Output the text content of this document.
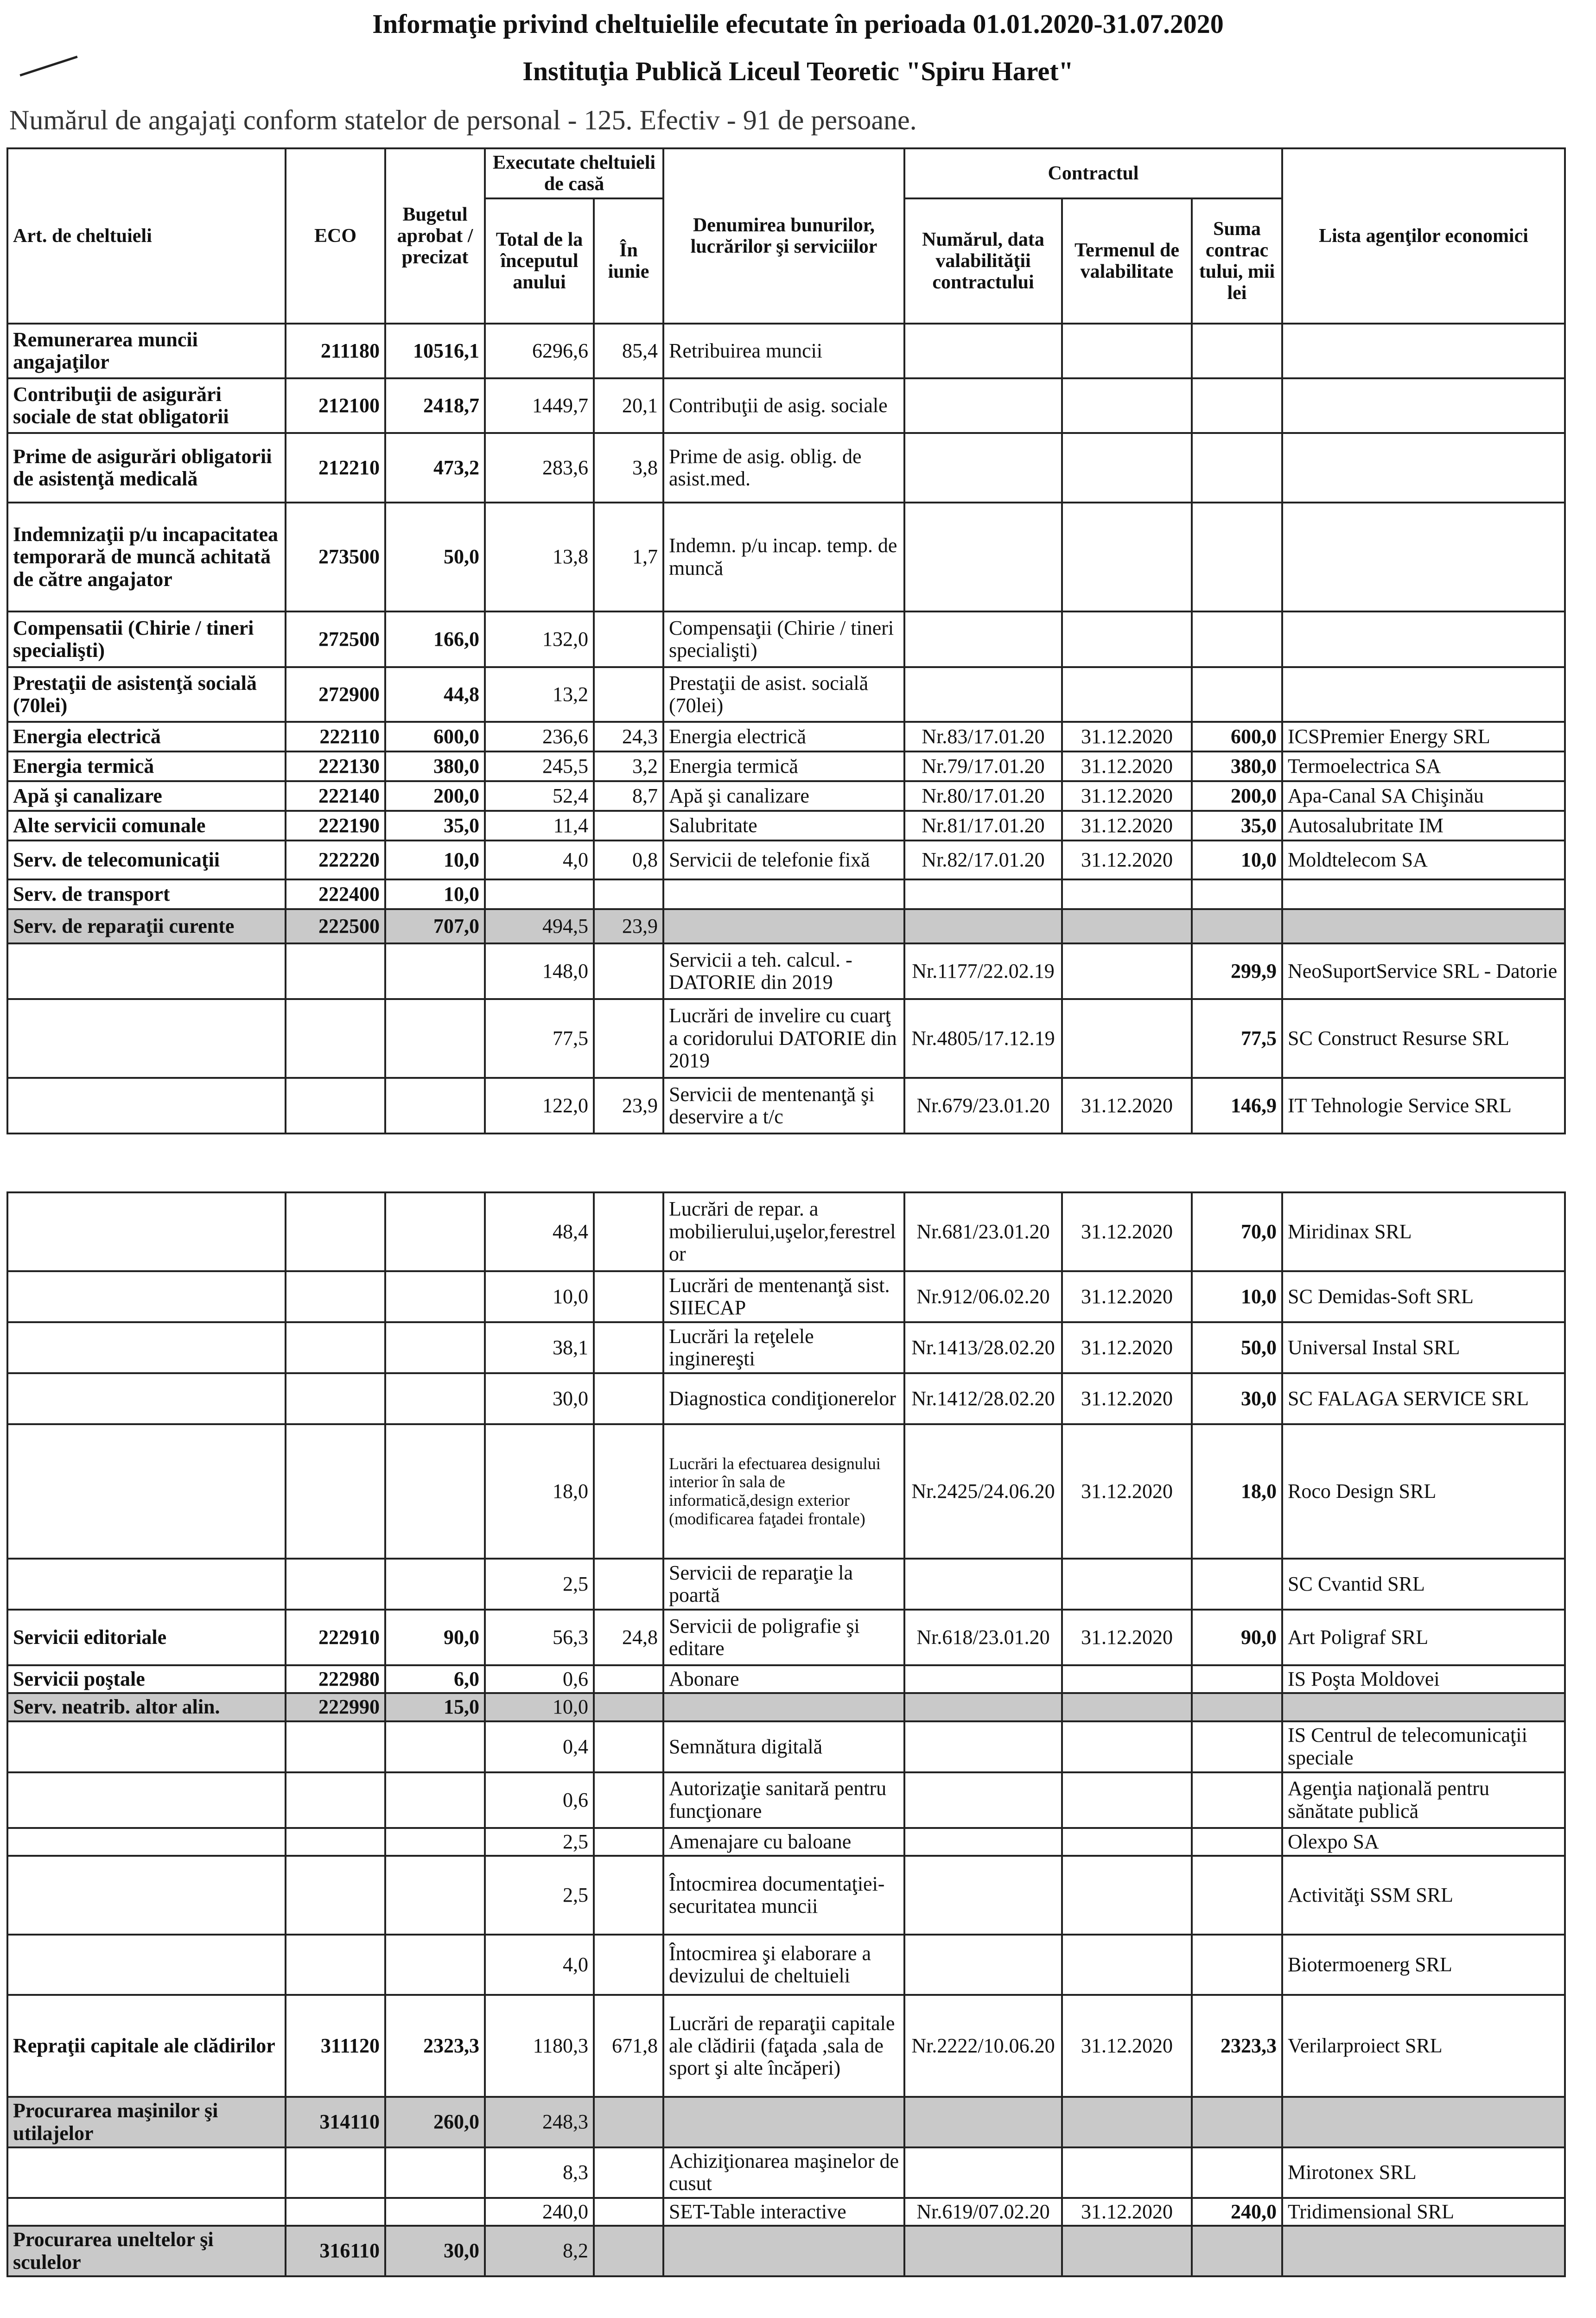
Informaţie privind cheltuielile efecutate în perioada 01.01.2020-31.07.2020
Instituţia Publică Liceul Teoretic "Spiru Haret"
Numărul de angajaţi conform statelor de personal - 125. Efectiv - 91 de persoane.
Art. de cheltuieli	ECO	Bugetul aprobat / precizat	Executate cheltuieli de casă		Denumirea bunurilor, lucrărilor şi serviciilor	Contractul			Lista agenţilor economici
			Total de la începutul anului	În iunie		Numărul, data valabilităţii contractului	Termenul de valabilitate	Suma contrac tului, mii lei	
Remunerarea muncii angajaţilor	211180	10516,1	6296,6	85,4	Retribuirea muncii				
Contribuţii de asigurări sociale de stat obligatorii	212100	2418,7	1449,7	20,1	Contribuţii de asig. sociale				
Prime de asigurări obligatorii de asistenţă medicală	212210	473,2	283,6	3,8	Prime de asig. oblig. de asist.med.				
Indemnizaţii p/u incapacitatea temporară de muncă achitată de către angajator	273500	50,0	13,8	1,7	Indemn. p/u incap. temp. de muncă				
Compensatii (Chirie / tineri specialişti)	272500	166,0	132,0		Compensaţii (Chirie / tineri specialişti)				
Prestaţii de asistenţă socială (70lei)	272900	44,8	13,2		Prestaţii de asist. socială (70lei)				
Energia electrică	222110	600,0	236,6	24,3	Energia electrică	Nr.83/17.01.20	31.12.2020	600,0	ICSPremier Energy SRL
Energia termică	222130	380,0	245,5	3,2	Energia termică	Nr.79/17.01.20	31.12.2020	380,0	Termoelectrica SA
Apă şi canalizare	222140	200,0	52,4	8,7	Apă şi canalizare	Nr.80/17.01.20	31.12.2020	200,0	Apa-Canal SA Chişinău
Alte servicii comunale	222190	35,0	11,4		Salubritate	Nr.81/17.01.20	31.12.2020	35,0	Autosalubritate IM
Serv. de telecomunicaţii	222220	10,0	4,0	0,8	Servicii de telefonie fixă	Nr.82/17.01.20	31.12.2020	10,0	Moldtelecom SA
Serv. de transport	222400	10,0							
Serv. de reparaţii curente	222500	707,0	494,5	23,9					
			148,0		Servicii a teh. calcul. - DATORIE din 2019	Nr.1177/22.02.19		299,9	NeoSuportService SRL - Datorie
			77,5		Lucrări de invelire cu cuarţ a coridorului DATORIE din 2019	Nr.4805/17.12.19		77,5	SC Construct Resurse SRL
			122,0	23,9	Servicii de mentenanţă şi deservire a t/c	Nr.679/23.01.20	31.12.2020	146,9	IT Tehnologie Service SRL
			48,4		Lucrări de repar. a mobilierului,uşelor,ferestrelor	Nr.681/23.01.20	31.12.2020	70,0	Miridinax SRL
			10,0		Lucrări de mentenanţă sist. SIIECAP	Nr.912/06.02.20	31.12.2020	10,0	SC Demidas-Soft SRL
			38,1		Lucrări la reţelele inginereşti	Nr.1413/28.02.20	31.12.2020	50,0	Universal Instal SRL
			30,0		Diagnostica condiţionerelor	Nr.1412/28.02.20	31.12.2020	30,0	SC FALAGA SERVICE SRL
			18,0		Lucrări la efectuarea designului interior în sala de informatică,design exterior (modificarea faţadei frontale)	Nr.2425/24.06.20	31.12.2020	18,0	Roco Design SRL
			2,5		Servicii de reparaţie la poartă				SC Cvantid SRL
Servicii editoriale	222910	90,0	56,3	24,8	Servicii de poligrafie şi editare	Nr.618/23.01.20	31.12.2020	90,0	Art Poligraf SRL
Servicii poştale	222980	6,0	0,6		Abonare				IS Poşta Moldovei
Serv. neatrib. altor alin.	222990	15,0	10,0						
			0,4		Semnătura digitală				IS Centrul de telecomunicaţii speciale
			0,6		Autorizaţie sanitară pentru funcţionare				Agenţia naţională pentru sănătate publică
			2,5		Amenajare cu baloane				Olexpo SA
			2,5		Întocmirea documentaţiei-securitatea muncii				Activităţi SSM SRL
			4,0		Întocmirea şi elaborare a devizului de cheltuieli				Biotermoenerg SRL
Repraţii capitale ale clădirilor	311120	2323,3	1180,3	671,8	Lucrări de reparaţii capitale ale clădirii (faţada ,sala de sport şi alte încăperi)	Nr.2222/10.06.20	31.12.2020	2323,3	Verilarproiect SRL
Procurarea maşinilor şi utilajelor	314110	260,0	248,3						
			8,3		Achiziţionarea maşinelor de cusut				Mirotonex SRL
			240,0		SET-Table interactive	Nr.619/07.02.20	31.12.2020	240,0	Tridimensional SRL
Procurarea uneltelor şi sculelor	316110	30,0	8,2						
